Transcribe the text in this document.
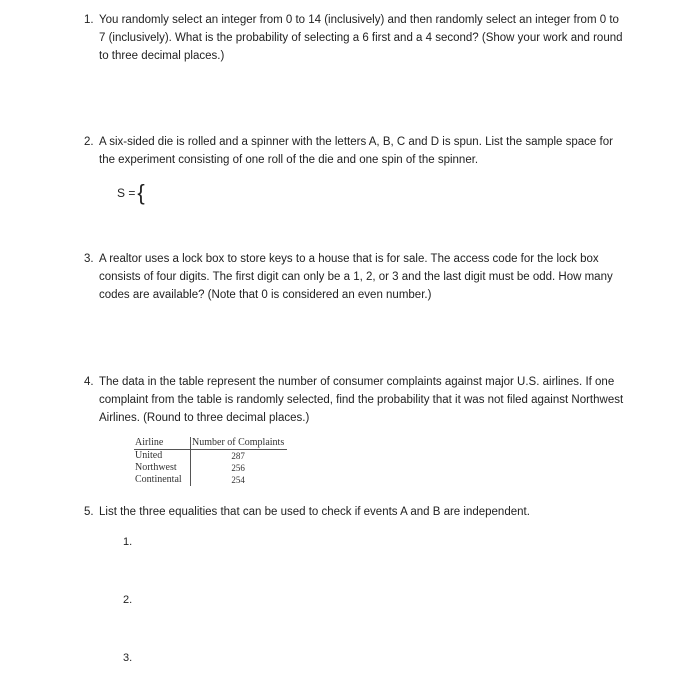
1. You randomly select an integer from 0 to 14 (inclusively) and then randomly select an integer from 0 to 7 (inclusively). What is the probability of selecting a 6 first and a 4 second? (Show your work and round to three decimal places.)
2. A six-sided die is rolled and a spinner with the letters A, B, C and D is spun. List the sample space for the experiment consisting of one roll of the die and one spin of the spinner.
S ={
3. A realtor uses a lock box to store keys to a house that is for sale. The access code for the lock box consists of four digits. The first digit can only be a 1, 2, or 3 and the last digit must be odd. How many codes are available? (Note that 0 is considered an even number.)
4. The data in the table represent the number of consumer complaints against major U.S. airlines. If one complaint from the table is randomly selected, find the probability that it was not filed against Northwest Airlines. (Round to three decimal places.)
Airline	Number of Complaints
United	287
Northwest	256
Continental	254
5. List the three equalities that can be used to check if events A and B are independent.
1.
2.
3.
